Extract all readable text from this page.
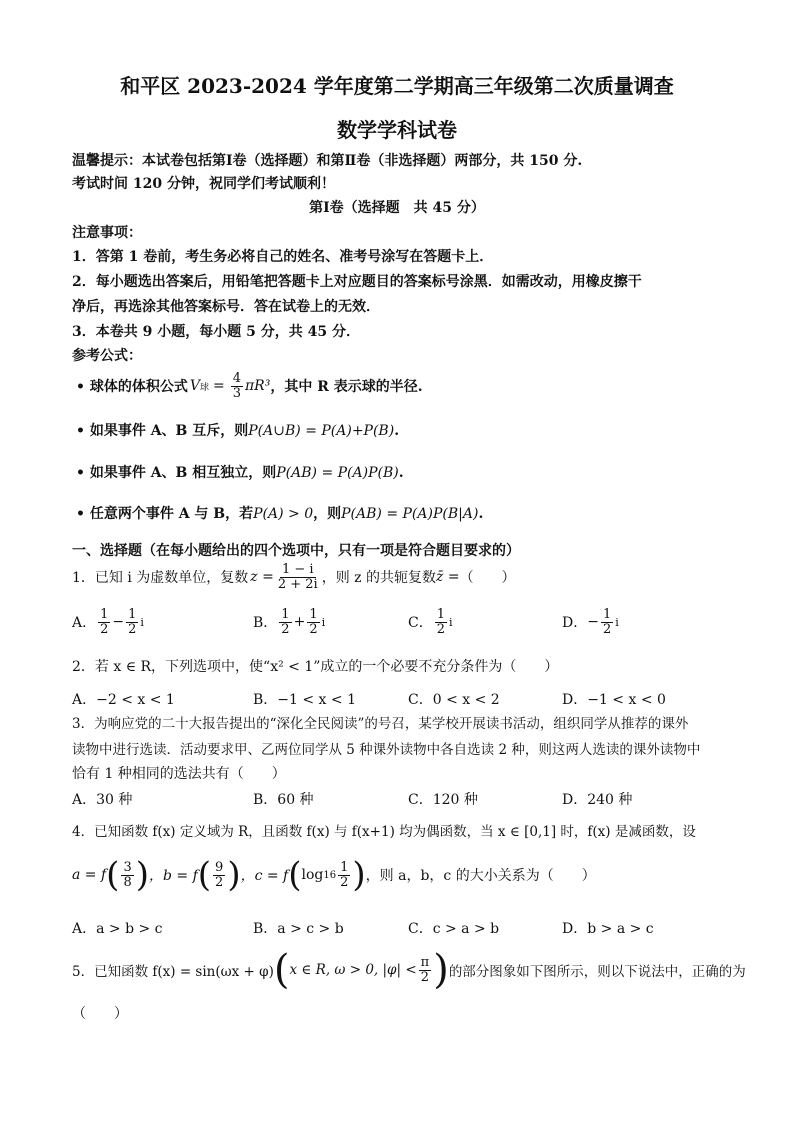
和平区 2023-2024 学年度第二学期高三年级第二次质量调查
数学学科试卷
温馨提示：本试卷包括第Ⅰ卷（选择题）和第Ⅱ卷（非选择题）两部分，共 150 分.
考试时间 120 分钟，祝同学们考试顺利！
第Ⅰ卷（选择题　共 45 分）
注意事项：
1．答第 1 卷前，考生务必将自己的姓名、准考号涂写在答题卡上．
2．每小题选出答案后，用铅笔把答题卡上对应题目的答案标号涂黑．如需改动，用橡皮擦干
净后，再选涂其他答案标号．答在试卷上的无效．
3．本卷共 9 小题，每小题 5 分，共 45 分．
参考公式：
• 球体的体积公式 V 球 = $\frac{4}{3} \pi R^3$ ，其中 R 表示球的半径.
• 如果事件 A、B 互斥，则P(A∪B) = P(A)+P(B).
• 如果事件 A、B 相互独立，则P(AB) = P(A)P(B).
• 任意两个事件 A 与 B，若P(A) > 0，则P(AB) = P(A)P(B|A).
一、选择题（在每小题给出的四个选项中，只有一项是符合题目要求的）
1．已知 i 为虚数单位，复数 $z = \frac{1 - i}{2 + 2i}$ ，则 z 的共轭复数 z̄ = （　　）
A． $\frac{1}{2} - \frac{1}{2}$ i	B． $\frac{1}{2} + \frac{1}{2}$ i	C． $\frac{1}{2}$ i	D． − $\frac{1}{2}$ i
2．若 x ∈ R，下列选项中，使“x² < 1”成立的一个必要不充分条件为（　　）
A．−2 < x < 1	B．−1 < x < 1	C．0 < x < 2	D．−1 < x < 0
3．为响应党的二十大报告提出的“深化全民阅读”的号召，某学校开展读书活动，组织同学从推荐的课外
读物中进行选读．活动要求甲、乙两位同学从 5 种课外读物中各自选读 2 种，则这两人选读的课外读物中
恰有 1 种相同的选法共有（　　）
A．30 种	B．60 种	C．120 种	D．240 种
4．已知函数 f(x) 定义域为 R，且函数 f(x) 与 f(x+1) 均为偶函数，当 x ∈ [0,1] 时，f(x) 是减函数，设
a = f ( $\frac{3}{8}$ ) ，b = f ( $\frac{9}{2}$ ) ，c = f ( $\log 16 \frac{1}{2}$ ) ，则 a，b，c 的大小关系为（　　）
A．a > b > c	B．a > c > b	C．c > a > b	D．b > a > c
5．已知函数 f(x) = sin(ωx + φ) ( x ∈ R, ω > 0, $|\varphi| < \frac{\pi}{2}$ ) 的部分图象如下图所示，则以下说法中，正确的为
（　　）
